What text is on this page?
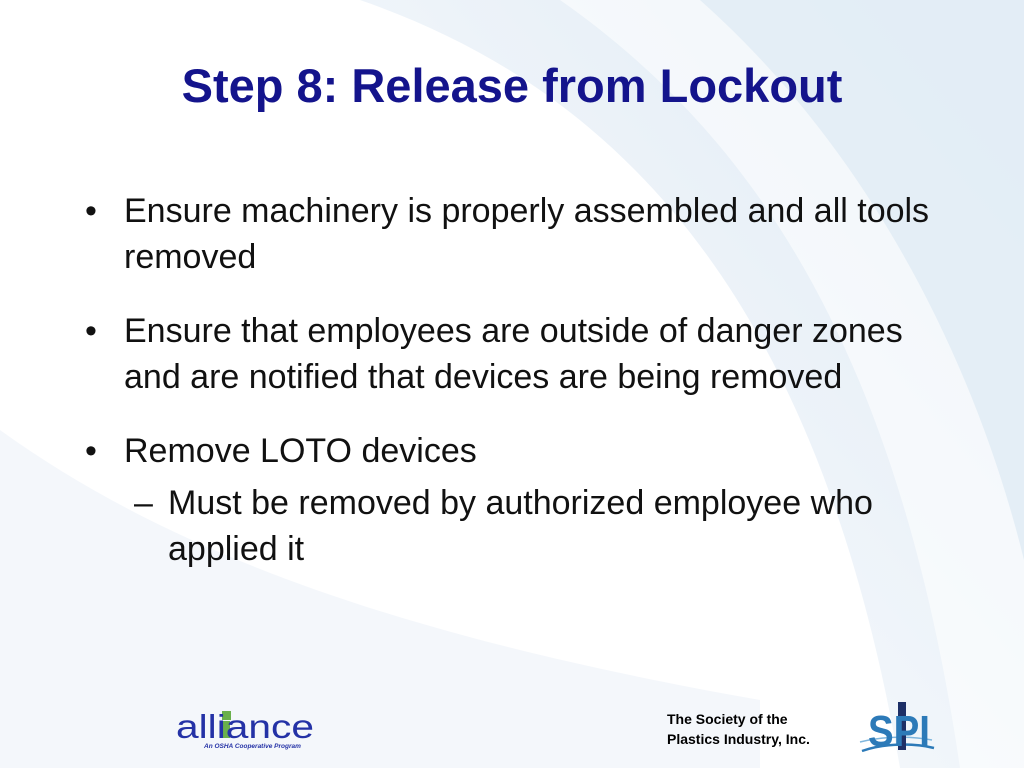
Step 8: Release from Lockout
• Ensure machinery is properly assembled and all tools removed
• Ensure that employees are outside of danger zones and are notified that devices are being removed
• Remove LOTO devices
– Must be removed by authorized employee who applied it
alliance
An OSHA Cooperative Program
The Society of the
Plastics Industry, Inc.	SPI
